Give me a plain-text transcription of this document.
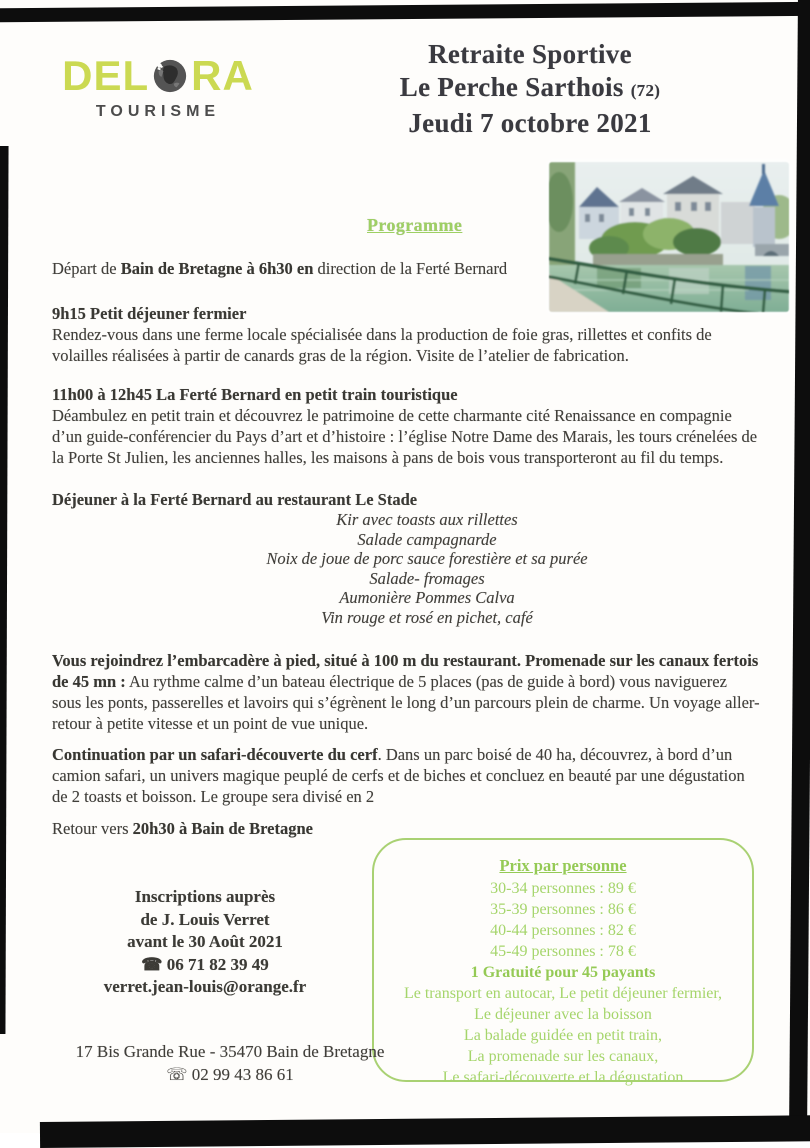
DEL RA
TOURISME
Retraite Sportive
Le Perche Sarthois (72)
Jeudi 7 octobre 2021
Programme

Départ de Bain de Bretagne à 6h30 en direction de la Ferté Bernard

9h15 Petit déjeuner fermier

Rendez-vous dans une ferme locale spécialisée dans la production de foie gras, rillettes et confits de volailles réalisées à partir de canards gras de la région. Visite de l’atelier de fabrication.

11h00 à 12h45 La Ferté Bernard en petit train touristique

Déambulez en petit train et découvrez le patrimoine de cette charmante cité Renaissance en compagnie d’un guide-conférencier du Pays d’art et d’histoire : l’église Notre Dame des Marais, les tours crénelées de la Porte St Julien, les anciennes halles, les maisons à pans de bois vous transporteront au fil du temps.

Déjeuner à la Ferté Bernard au restaurant Le Stade
Kir avec toasts aux rillettes
Salade campagnarde
Noix de joue de porc sauce forestière et sa purée
Salade- fromages
Aumonière Pommes Calva
Vin rouge et rosé en pichet, café

Vous rejoindrez l’embarcadère à pied, situé à 100 m du restaurant. Promenade sur les canaux fertois de 45 mn : Au rythme calme d’un bateau électrique de 5 places (pas de guide à bord) vous naviguerez sous les ponts, passerelles et lavoirs qui s’égrènent le long d’un parcours plein de charme. Un voyage aller-retour à petite vitesse et un point de vue unique.

Continuation par un safari-découverte du cerf. Dans un parc boisé de 40 ha, découvrez, à bord d’un camion safari, un univers magique peuplé de cerfs et de biches et concluez en beauté par une dégustation de 2 toasts et boisson. Le groupe sera divisé en 2

Retour vers 20h30 à Bain de Bretagne

Inscriptions auprès
de J. Louis Verret
avant le 30 Août 2021
☎ 06 71 82 39 49
verret.jean-louis@orange.fr
Prix par personne
30-34 personnes : 89 €
35-39 personnes : 86 €
40-44 personnes : 82 €
45-49 personnes : 78 €
1 Gratuité pour 45 payants
Le transport en autocar, Le petit déjeuner fermier,
Le déjeuner avec la boisson
La balade guidée en petit train,
La promenade sur les canaux,
Le safari-découverte et la dégustation
17 Bis Grande Rue - 35470 Bain de Bretagne
☏ 02 99 43 86 61
